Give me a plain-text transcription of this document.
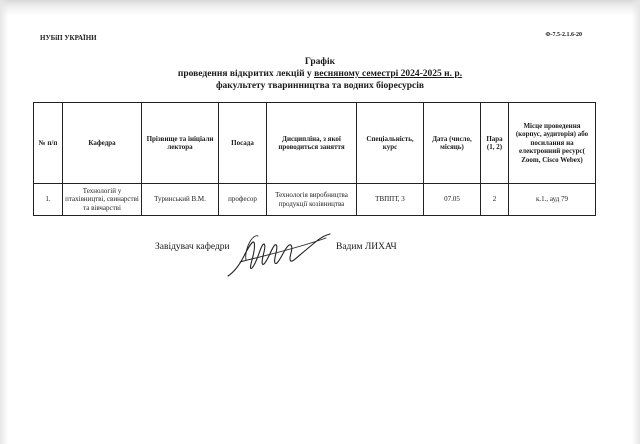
НУБіП УКРАЇНИ	Ф-7.5-2.1.6-20
Графік
проведення відкритих лекцій у весняному семестрі 2024-2025 н. р.
факультету тваринництва та водних біоресурсів
№ п/п	Кафедра	Прізвище та ініціали лектора	Посада	Дисципліна, з якої проводиться заняття	Спеціальність, курс	Дата (число, місяць)	Пара (1, 2)	Місце проведення (корпус, аудиторія) або посилання на електронний ресурс( Zoom, Cisco Webex)
1.	Технологій у птахівництві, свинарстві та вівчарстві	Туринський В.М.	професор	Технологія виробництва продукції козівництва	ТВППТ, 3	07.05	2	к.1., ауд 79
Завідувач кафедри	Вадим ЛИХАЧ
